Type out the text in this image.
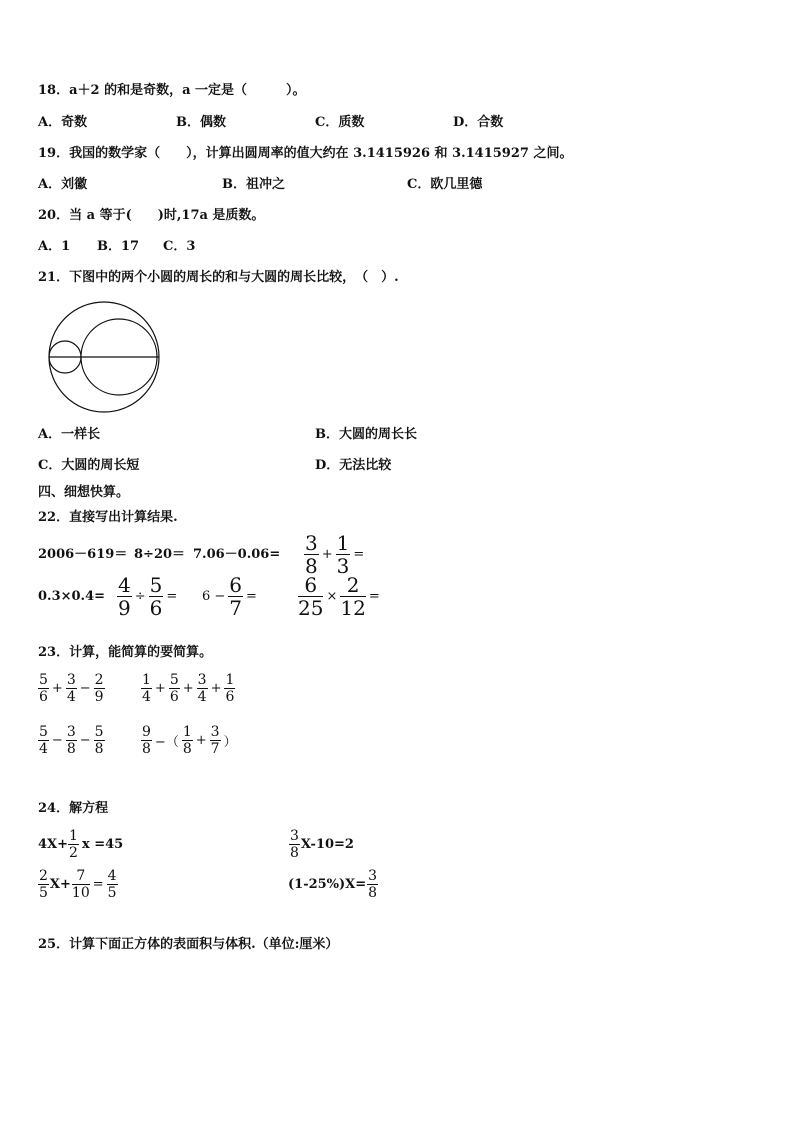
18．a＋2 的和是奇数，a 一定是（　　　）。
A．奇数	B．偶数	C．质数	D．合数
19．我国的数学家（　　），计算出圆周率的值大约在 3.1415926 和 3.1415927 之间。
A．刘徽	B．祖冲之	C．欧几里德
20．当 a 等于(　　)时,17a 是质数。
A．1 B．17 C．3
21．下图中的两个小圆的周长的和与大圆的周长比较，　（　）.
A．一样长	B．大圆的周长长
C．大圆的周长短	D．无法比较
四、细想快算。
22．直接写出计算结果.
$2006-619= 8\div 20= 7.06-0.06= \frac{3}{8} + \frac{1}{3}$ =
$0.3\times 0.4= \frac{4}{9} \div \frac{5}{6} = 6 - \frac{6}{7} = \frac{6}{25} \times \frac{2}{12}$ =
23．计算，能简算的要简算。
$\frac{5}{6} + \frac{3}{4} - \frac{2}{9}$	$\frac{1}{4} + \frac{5}{6} + \frac{3}{4} + \frac{1}{6}$
$\frac{5}{4} - \frac{3}{8} - \frac{5}{8}$	$\frac{9}{8}$ −（ $\frac{1}{8} + \frac{3}{7}$ ）
24．解方程
$4X+ \frac{1}{2}$ x =45	$\frac{3}{8} X-10=2$
$\frac{2}{5} X+ \frac{7}{10} = \frac{4}{5}$	$(1-25\%)X= \frac{3}{8}$
25．计算下面正方体的表面积与体积.（单位:厘米）
